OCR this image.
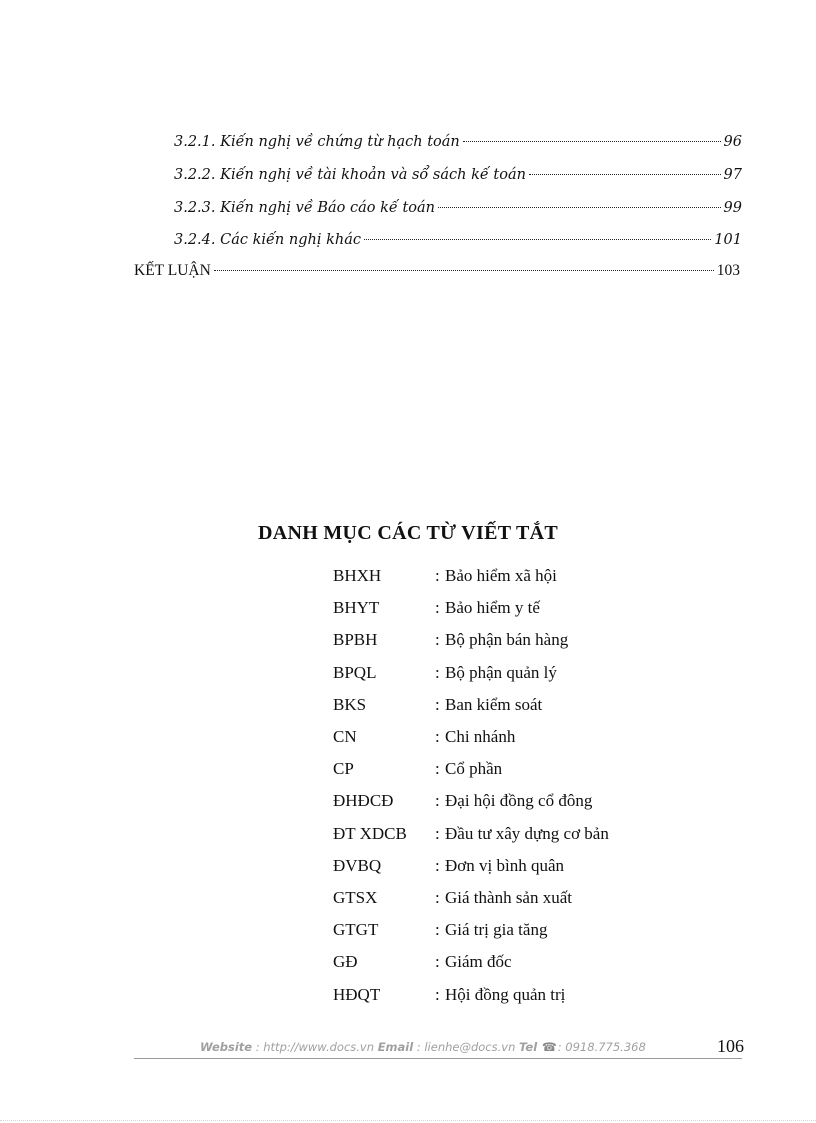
3.2.1. Kiến nghị về chứng từ hạch toán	96
3.2.2. Kiến nghị về tài khoản và sổ sách kế toán	97
3.2.3. Kiến nghị về Báo cáo kế toán	99
3.2.4. Các kiến nghị khác	101
KẾT LUẬN	103
DANH MỤC CÁC TỪ VIẾT TẮT
BHXH	: Bảo hiểm xã hội
BHYT	: Bảo hiểm y tế
BPBH	: Bộ phận bán hàng
BPQL	: Bộ phận quản lý
BKS	: Ban kiểm soát
CN	: Chi nhánh
CP	: Cổ phần
ĐHĐCĐ	: Đại hội đồng cổ đông
ĐT XDCB	: Đầu tư xây dựng cơ bản
ĐVBQ	: Đơn vị bình quân
GTSX	: Giá thành sản xuất
GTGT	: Giá trị gia tăng
GĐ	: Giám đốc
HĐQT	: Hội đồng quản trị
Website : http://www.docs.vn Email : lienhe@docs.vn Tel ☎: 0918.775.368	106
